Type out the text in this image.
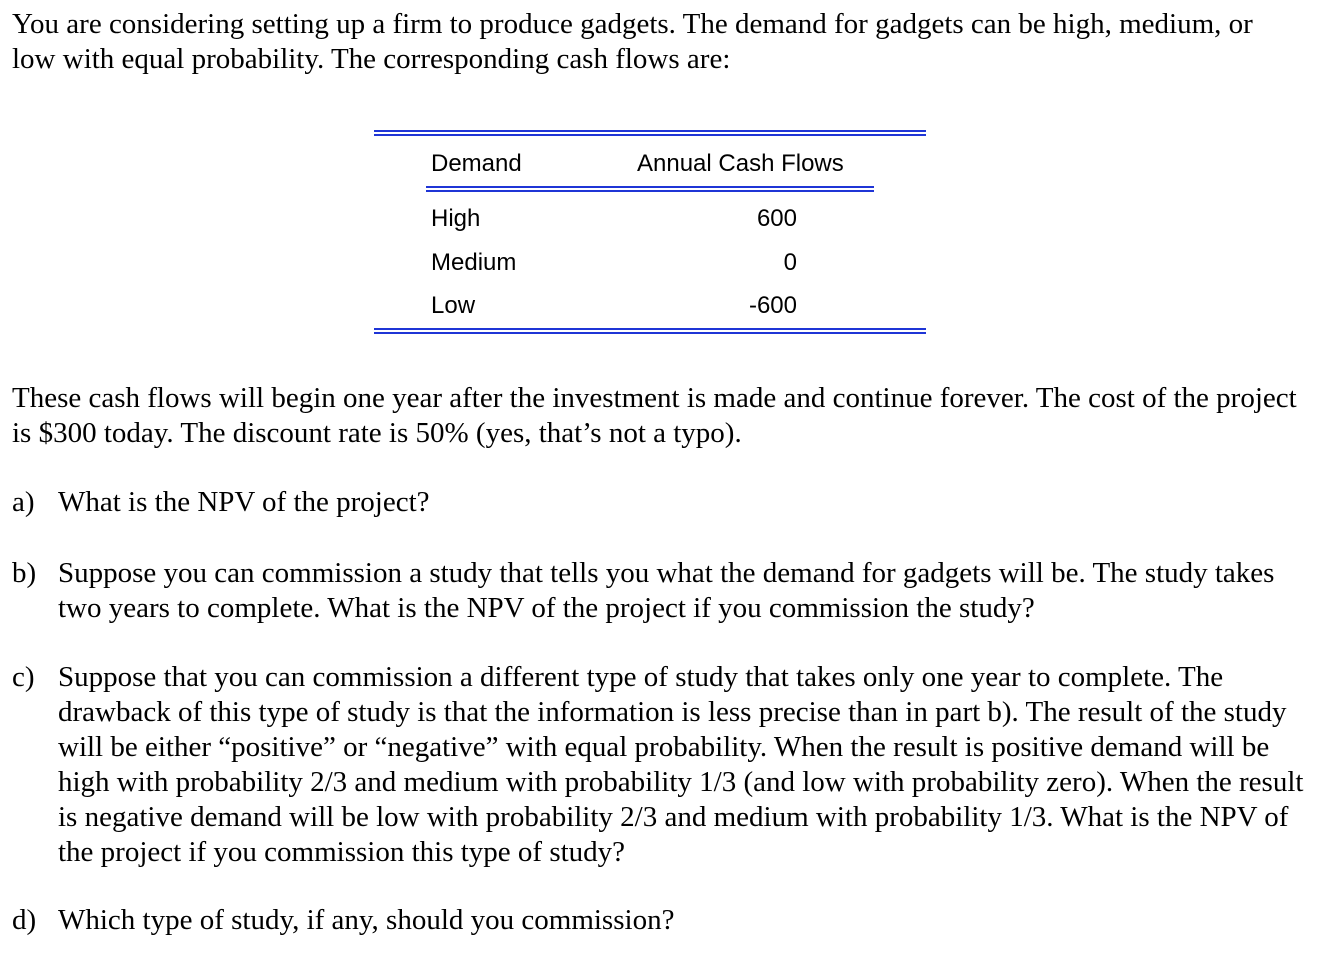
You are considering setting up a firm to produce gadgets. The demand for gadgets can be high, medium, or low with equal probability. The corresponding cash flows are:

Demand	Annual Cash Flows
High	600
Medium	0
Low	-600

These cash flows will begin one year after the investment is made and continue forever. The cost of the project is $300 today. The discount rate is 50% (yes, that’s not a typo).

a) What is the NPV of the project?
b) Suppose you can commission a study that tells you what the demand for gadgets will be. The study takes two years to complete. What is the NPV of the project if you commission the study?
c) Suppose that you can commission a different type of study that takes only one year to complete. The drawback of this type of study is that the information is less precise than in part b). The result of the study will be either “positive” or “negative” with equal probability. When the result is positive demand will be high with probability 2/3 and medium with probability 1/3 (and low with probability zero). When the result is negative demand will be low with probability 2/3 and medium with probability 1/3. What is the NPV of the project if you commission this type of study?
d) Which type of study, if any, should you commission?
